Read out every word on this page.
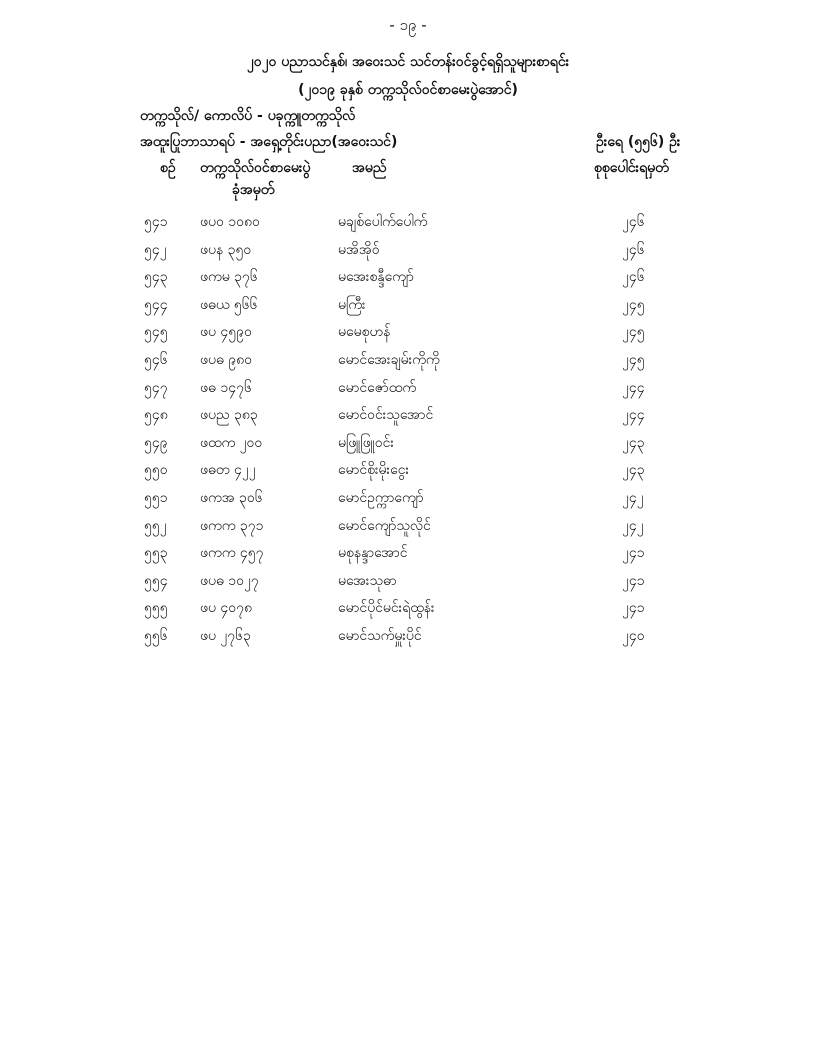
- ၁၉ -
၂၀၂၀ ပညာသင်နှစ်၊ အဝေးသင် သင်တန်းဝင်ခွင့်ရရှိသူများစာရင်း
(၂၀၁၉ ခုနှစ် တက္ကသိုလ်ဝင်စာမေးပွဲအောင်)
တက္ကသိုလ်/ ကောလိပ် - ပခုက္ကူတက္ကသိုလ်
အထူးပြုဘာသာရပ် - အရှေ့တိုင်းပညာ(အဝေးသင်)	ဦးရေ (၅၅၆) ဦး
စဉ် တက္ကသိုလ်ဝင်စာမေးပွဲ
ခုံအမှတ်
အမည်	စုစုပေါင်းရမှတ်
၅၄၁ ဖပဝ ၁၀၈၀	မချစ်ပေါက်ပေါက်	၂၄၆
၅၄၂ ဖပန ၃၅၀	မအိအိုဝ်	၂၄၆
၅၄၃ ဖကမ ၃၇၆	မအေးစန္ဒီကျော်	၂၄၆
၅၄၄ ဖဓယ ၅၆၆	မကြီး	၂၄၅
၅၄၅ ဖပ ၄၅၉၀	မမေစုဟန်	၂၄၅
၅၄၆ ဖပဓ ၉၈၀	မောင်အေးချမ်းကိုကို	၂၄၅
၅၄၇ ဖဓ ၁၄၇၆	မောင်ဇော်ထက်	၂၄၄
၅၄၈ ဖပည ၃၈၃	မောင်ဝင်းသူအောင်	၂၄၄
၅၄၉ ဖထက ၂၀၀	မဖြူဖြူဝင်း	၂၄၃
၅၅၀ ဖဓတ ၄၂၂	မောင်စိုးမိုးငွေး	၂၄၃
၅၅၁ ဖကအ ၃၀၆	မောင်ဥက္ကာကျော်	၂၄၂
၅၅၂ ဖကက ၃၇၁	မောင်ကျော်သူလိုင်	၂၄၂
၅၅၃ ဖကက ၄၅၇	မစုနန္ဒာအောင်	၂၄၁
၅၅၄ ဖပဓ ၁၀၂၇	မအေးသုဓာ	၂၄၁
၅၅၅ ဖပ ၄၀၇၈	မောင်ပိုင်မင်းရဲထွန်း	၂၄၁
၅၅၆ ဖပ ၂၇၆၃	မောင်သက်မှူးပိုင်	၂၄၀
